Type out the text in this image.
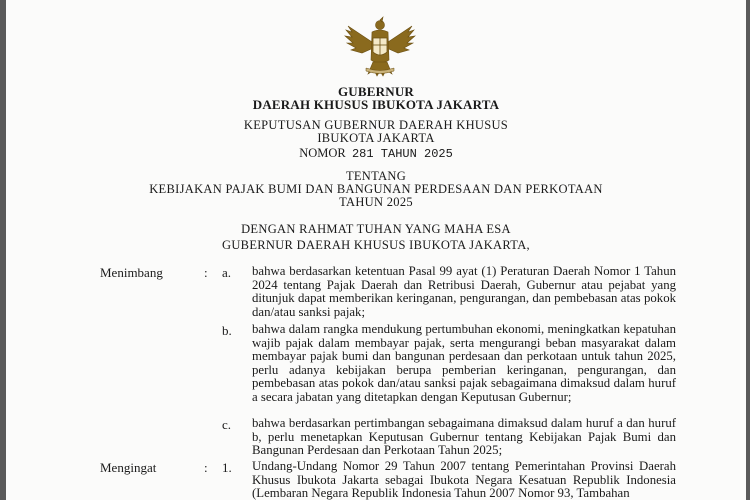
GUBERNUR
DAERAH KHUSUS IBUKOTA JAKARTA
KEPUTUSAN GUBERNUR DAERAH KHUSUS
IBUKOTA JAKARTA
NOMOR 281 TAHUN 2025
TENTANG
KEBIJAKAN PAJAK BUMI DAN BANGUNAN PERDESAAN DAN PERKOTAAN
TAHUN 2025
DENGAN RAHMAT TUHAN YANG MAHA ESA
GUBERNUR DAERAH KHUSUS IBUKOTA JAKARTA,
Menimbang	: a. bahwa berdasarkan ketentuan Pasal 99 ayat (1) Peraturan Daerah Nomor 1 Tahun 2024 tentang Pajak Daerah dan Retribusi Daerah, Gubernur atau pejabat yang ditunjuk dapat memberikan keringanan, pengurangan, dan pembebasan atas pokok dan/atau sanksi pajak;
b. bahwa dalam rangka mendukung pertumbuhan ekonomi, meningkatkan kepatuhan wajib pajak dalam membayar pajak, serta mengurangi beban masyarakat dalam membayar pajak bumi dan bangunan perdesaan dan perkotaan untuk tahun 2025, perlu adanya kebijakan berupa pemberian keringanan, pengurangan, dan pembebasan atas pokok dan/atau sanksi pajak sebagaimana dimaksud dalam huruf a secara jabatan yang ditetapkan dengan Keputusan Gubernur;
c. bahwa berdasarkan pertimbangan sebagaimana dimaksud dalam huruf a dan huruf b, perlu menetapkan Keputusan Gubernur tentang Kebijakan Pajak Bumi dan Bangunan Perdesaan dan Perkotaan Tahun 2025;
Mengingat	: 1. Undang-Undang Nomor 29 Tahun 2007 tentang Pemerintahan Provinsi Daerah Khusus Ibukota Jakarta sebagai Ibukota Negara Kesatuan Republik Indonesia (Lembaran Negara Republik Indonesia Tahun 2007 Nomor 93, Tambahan
